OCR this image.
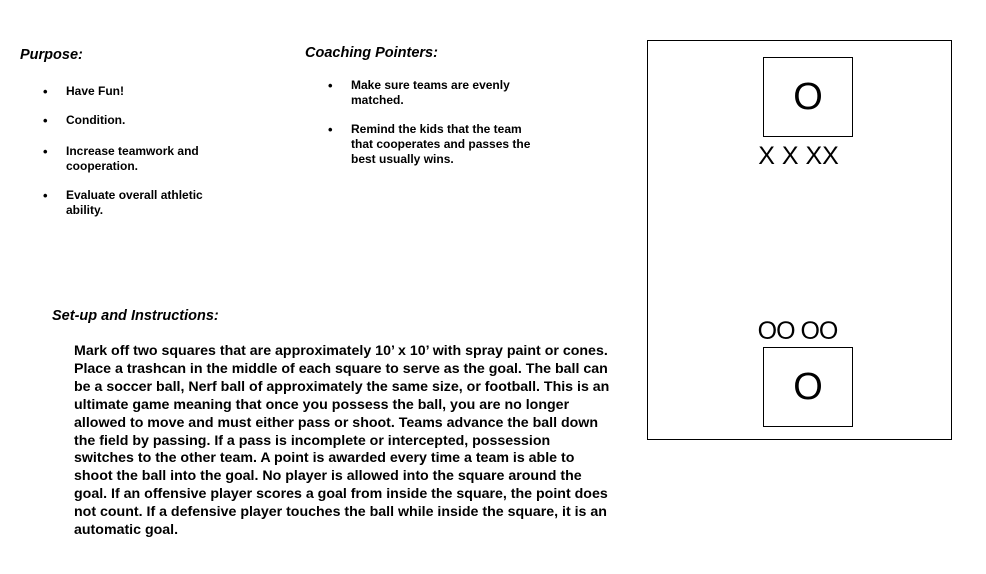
Purpose:
• Have Fun!
• Condition.
• Increase teamwork and cooperation.
• Evaluate overall athletic ability.
Coaching Pointers:
• Make sure teams are evenly matched.
• Remind the kids that the team that cooperates and passes the best usually wins.
Set-up and Instructions:

Mark off two squares that are approximately 10’ x 10’ with spray paint or cones. Place a trashcan in the middle of each square to serve as the goal. The ball can be a soccer ball, Nerf ball of approximately the same size, or football. This is an ultimate game meaning that once you possess the ball, you are no longer allowed to move and must either pass or shoot. Teams advance the ball down the field by passing. If a pass is incomplete or intercepted, possession switches to the other team. A point is awarded every time a team is able to shoot the ball into the goal. No player is allowed into the square around the goal. If an offensive player scores a goal from inside the square, the point does not count. If a defensive player touches the ball while inside the square, it is an automatic goal.

O
X X XX
OO OO
O
